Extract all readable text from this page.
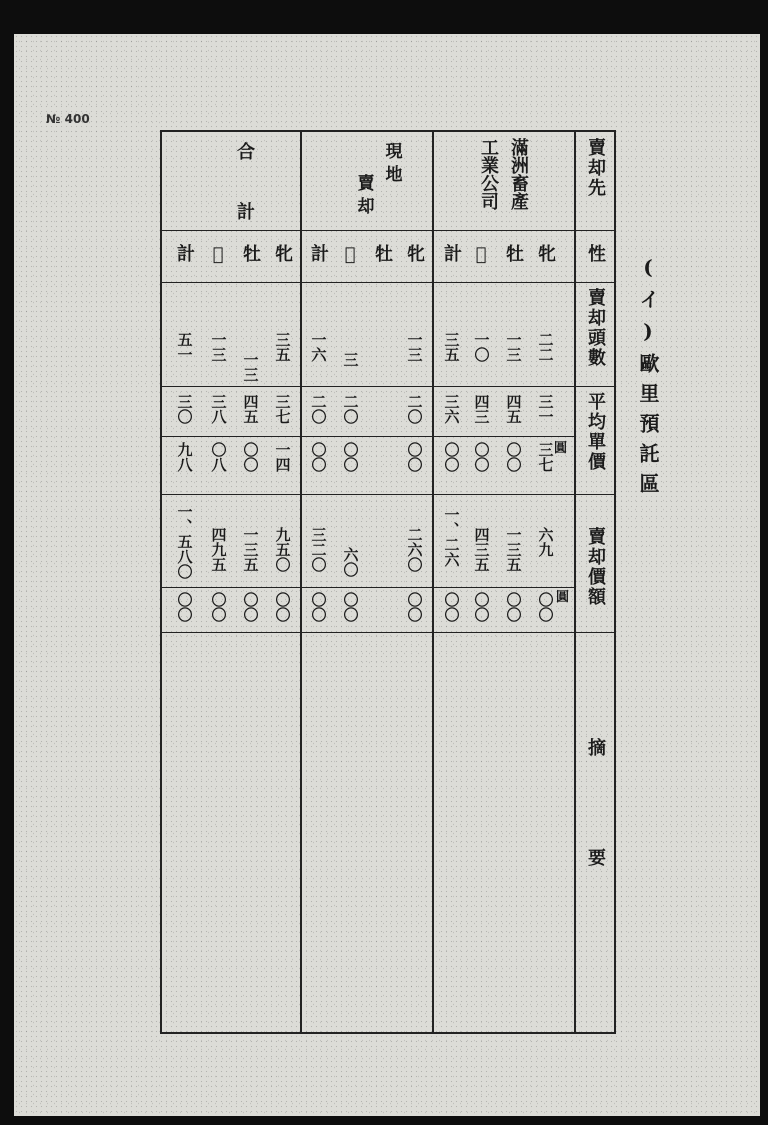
№ 400
(イ)歐里預託區
賣却先
性
賣却頭數
平均單價
賣却價額
摘
要
圓
圓
滿洲畜產
工業公司
現地
賣却
合
計
牝
二二
三一
三七
六九
〇〇
牡
一三
四五
〇〇
一三五
〇〇
𤛇
一〇
四三
〇〇
四三五
〇〇
計
三五
三六
〇〇
一、二六
〇〇
牝
一三
二〇
〇〇
二六〇
〇〇
牡
𤛇
三
二〇
〇〇
六〇
〇〇
計
一六
二〇
〇〇
三二〇
〇〇
牝
三五
三七
一四
九五〇
〇〇
牡
一三
四五
〇〇
一三五
〇〇
𤛇
一三
三八
〇八
四九五
〇〇
計
五一
三〇
九八
一、五八〇
〇〇
